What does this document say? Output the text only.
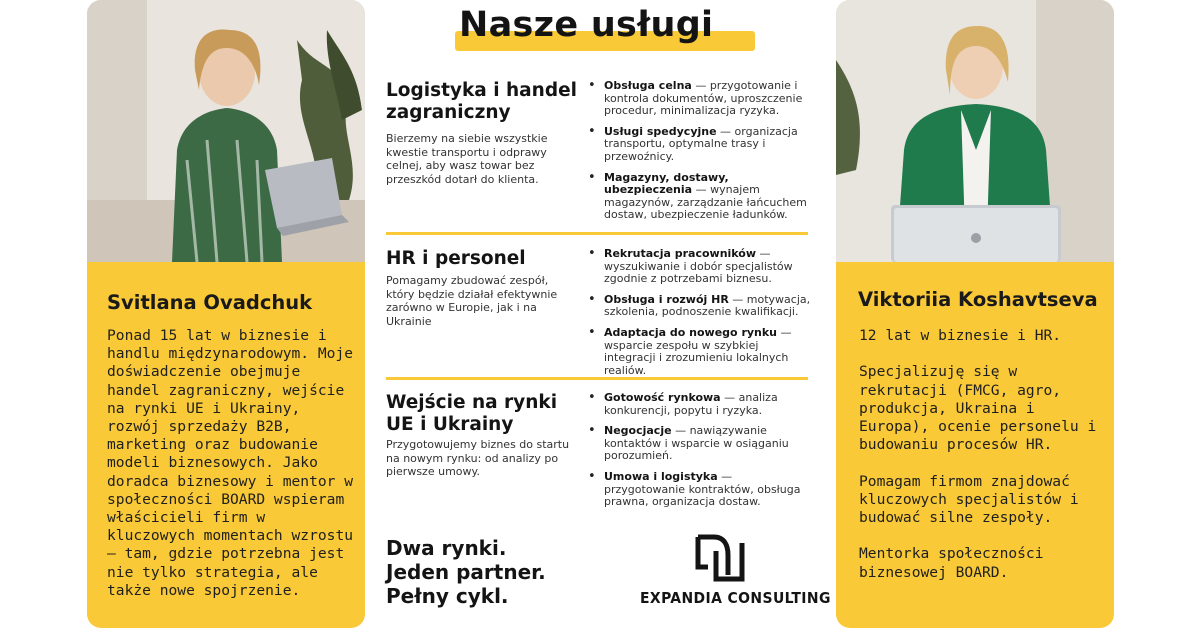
Svitlana Ovadchuk

Ponad 15 lat w biznesie i handlu międzynarodowym. Moje doświadczenie obejmuje handel zagraniczny, wejście na rynki UE i Ukrainy, rozwój sprzedaży B2B, marketing oraz budowanie modeli biznesowych. Jako doradca biznesowy i mentor w społeczności BOARD wspieram właścicieli firm w kluczowych momentach wzrostu — tam, gdzie potrzebna jest nie tylko strategia, ale także nowe spojrzenie.

Viktoriia Koshavtseva

12 lat w biznesie i HR.

Specjalizuję się w rekrutacji (FMCG, agro, produkcja, Ukraina i Europa), ocenie personelu i budowaniu procesów HR.

Pomagam firmom znajdować kluczowych specjalistów i budować silne zespoły.

Mentorka społeczności biznesowej BOARD.

Nasze usługi
Logistyka i handel zagraniczny
Bierzemy na siebie wszystkie kwestie transportu i odprawy celnej, aby wasz towar bez przeszkód dotarł do klienta.
• Obsługa celna — przygotowanie i kontrola dokumentów, uproszczenie procedur, minimalizacja ryzyka.
• Usługi spedycyjne — organizacja transportu, optymalne trasy i przewoźnicy.
• Magazyny, dostawy, ubezpieczenia — wynajem magazynów, zarządzanie łańcuchem dostaw, ubezpieczenie ładunków.
HR i personel
Pomagamy zbudować zespół, który będzie działał efektywnie zarówno w Europie, jak i na Ukrainie
• Rekrutacja pracowników — wyszukiwanie i dobór specjalistów zgodnie z potrzebami biznesu.
• Obsługa i rozwój HR — motywacja, szkolenia, podnoszenie kwalifikacji.
• Adaptacja do nowego rynku — wsparcie zespołu w szybkiej integracji i zrozumieniu lokalnych realiów.
Wejście na rynki UE i Ukrainy
Przygotowujemy biznes do startu na nowym rynku: od analizy po pierwsze umowy.
• Gotowość rynkowa — analiza konkurencji, popytu i ryzyka.
• Negocjacje — nawiązywanie kontaktów i wsparcie w osiąganiu porozumień.
• Umowa i logistyka — przygotowanie kontraktów, obsługa prawna, organizacja dostaw.
Dwa rynki.
Jeden partner.
Pełny cykl.	EXPANDIA CONSULTING
